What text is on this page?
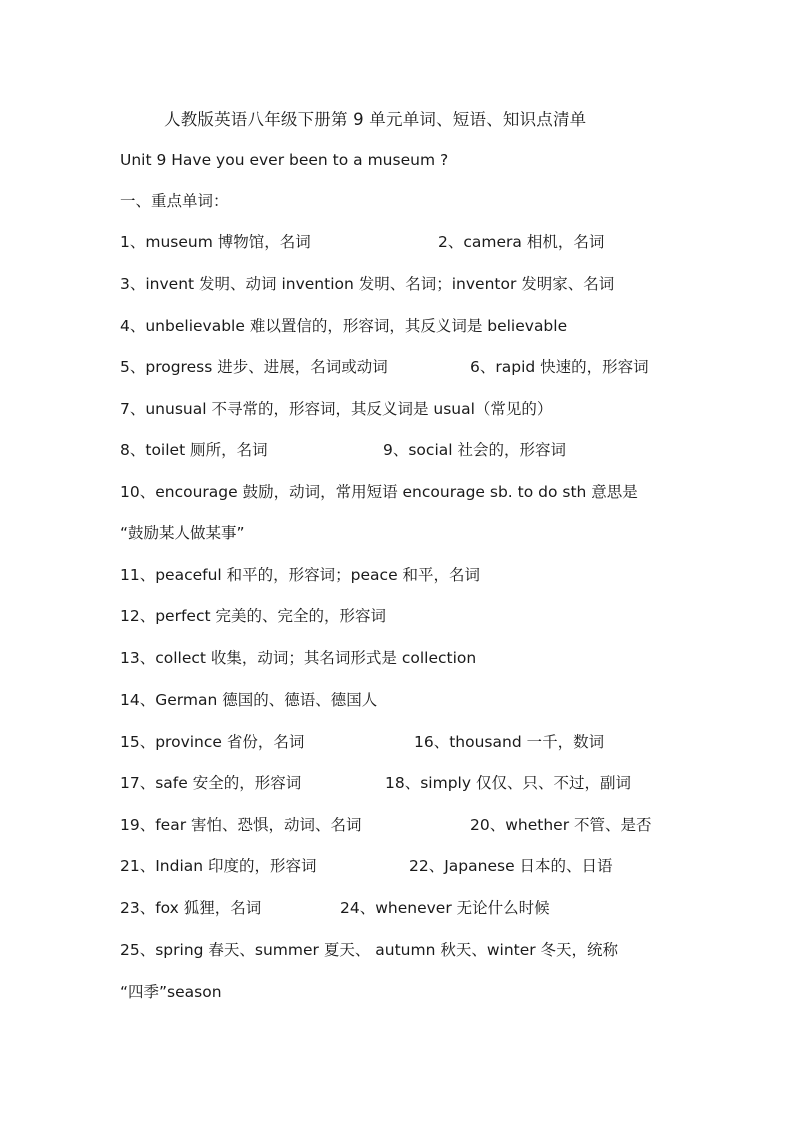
人教版英语八年级下册第 9 单元单词、短语、知识点清单
Unit 9 Have you ever been to a museum ?
一、重点单词：
1、museum 博物馆，名词	2、camera 相机，名词
3、invent 发明、动词 invention 发明、名词；inventor 发明家、名词
4、unbelievable 难以置信的，形容词，其反义词是 believable
5、progress 进步、进展，名词或动词	6、rapid 快速的，形容词
7、unusual 不寻常的，形容词，其反义词是 usual（常见的）
8、toilet 厕所，名词	9、social 社会的，形容词
10、encourage 鼓励，动词，常用短语 encourage sb. to do sth 意思是
“鼓励某人做某事”
11、peaceful 和平的，形容词；peace 和平，名词
12、perfect 完美的、完全的，形容词
13、collect 收集，动词；其名词形式是 collection
14、German 德国的、德语、德国人
15、province 省份，名词	16、thousand 一千，数词
17、safe 安全的，形容词	18、simply 仅仅、只、不过，副词
19、fear 害怕、恐惧，动词、名词	20、whether 不管、是否
21、Indian 印度的，形容词	22、Japanese 日本的、日语
23、fox 狐狸，名词	24、whenever 无论什么时候
25、spring 春天、summer 夏天、 autumn 秋天、winter 冬天，统称
“四季”season
